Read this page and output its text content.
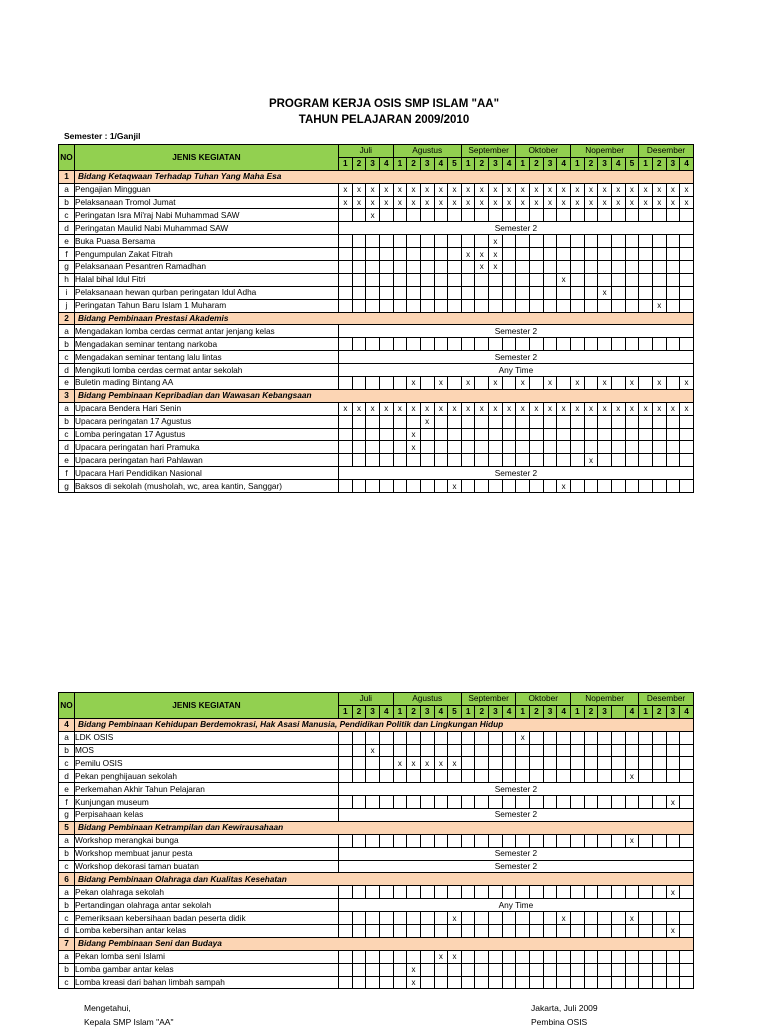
PROGRAM KERJA OSIS SMP ISLAM "AA"
TAHUN PELAJARAN 2009/2010
Semester : 1/Ganjil
NO	JENIS KEGIATAN	Juli				Agustus					September				Oktober				Nopember					Desember			
		1	2	3	4	1	2	3	4	5	1	2	3	4	1	2	3	4	1	2	3	4	5	1	2	3	4
1	Bidang Ketaqwaan Terhadap Tuhan Yang Maha Esa																										
a	Pengajian Mingguan	x	x	x	x	x	x	x	x	x	x	x	x	x	x	x	x	x	x	x	x	x	x	x	x	x	x
b	Pelaksanaan Tromol Jumat	x	x	x	x	x	x	x	x	x	x	x	x	x	x	x	x	x	x	x	x	x	x	x	x	x	x
c	Peringatan Isra Mi'raj Nabi Muhammad SAW			x																							
d	Peringatan Maulid Nabi Muhammad SAW	Semester 2																									
e	Buka Puasa Bersama												x														
f	Pengumpulan Zakat Fitrah										x	x	x														
g	Pelaksanaan Pesantren Ramadhan											x	x														
h	Halal bihal Idul Fitri																	x									
i	Pelaksanaan hewan qurban peringatan Idul Adha																				x						
j	Peringatan Tahun Baru Islam 1 Muharam																								x		
2	Bidang Pembinaan Prestasi Akademis																										
a	Mengadakan lomba cerdas cermat antar jenjang kelas	Semester 2																									
b	Mengadakan seminar tentang narkoba																										
c	Mengadakan seminar tentang lalu lintas	Semester 2																									
d	Mengikuti lomba cerdas cermat antar sekolah	Any Time																									
e	Buletin mading Bintang AA						x		x		x		x		x		x		x		x		x		x		x
3	Bidang Pembinaan Kepribadian dan Wawasan Kebangsaan																										
a	Upacara Bendera Hari Senin	x	x	x	x	x	x	x	x	x	x	x	x	x	x	x	x	x	x	x	x	x	x	x	x	x	x
b	Upacara peringatan 17 Agustus							x																			
c	Lomba peringatan 17 Agustus						x																				
d	Upacara peringatan hari Pramuka						x																				
e	Upacara peringatan hari Pahlawan																			x							
f	Upacara Hari Pendidikan Nasional	Semester 2																									
g	Baksos di sekolah (musholah, wc, area kantin, Sanggar)									x								x									
NO	JENIS KEGIATAN	Juli				Agustus					September				Oktober				Nopember					Desember			
		1	2	3	4	1	2	3	4	5	1	2	3	4	1	2	3	4	1	2	3		4	1	2	3	4
4	Bidang Pembinaan Kehidupan Berdemokrasi, Hak Asasi Manusia, Pendidikan Politik dan Lingkungan Hidup																										
a	LDK OSIS														x												
b	MOS			x																							
c	Pemilu OSIS					x	x	x	x	x																	
d	Pekan penghijauan sekolah																						x				
e	Perkemahan Akhir Tahun Pelajaran	Semester 2																									
f	Kunjungan museum																									x	
g	Perpisahaan kelas	Semester 2																									
5	Bidang Pembinaan Ketrampilan dan Kewirausahaan																										
a	Workshop merangkai bunga																						x				
b	Workshop membuat janur pesta	Semester 2																									
c	Workshop dekorasi taman buatan	Semester 2																									
6	Bidang Pembinaan Olahraga dan Kualitas Kesehatan																										
a	Pekan olahraga sekolah																									x	
b	Pertandingan olahraga antar sekolah	Any Time																									
c	Pemeriksaan kebersihaan badan peserta didik									x								x					x				
d	Lomba kebersihan antar kelas																									x	
7	Bidang Pembinaan Seni dan Budaya																										
a	Pekan lomba seni Islami								x	x																	
b	Lomba gambar antar kelas						x																				
c	Lomba kreasi dari bahan limbah sampah						x																				
Mengetahui,
Kepala SMP Islam "AA"
Jakarta, Juli 2009
Pembina OSIS
